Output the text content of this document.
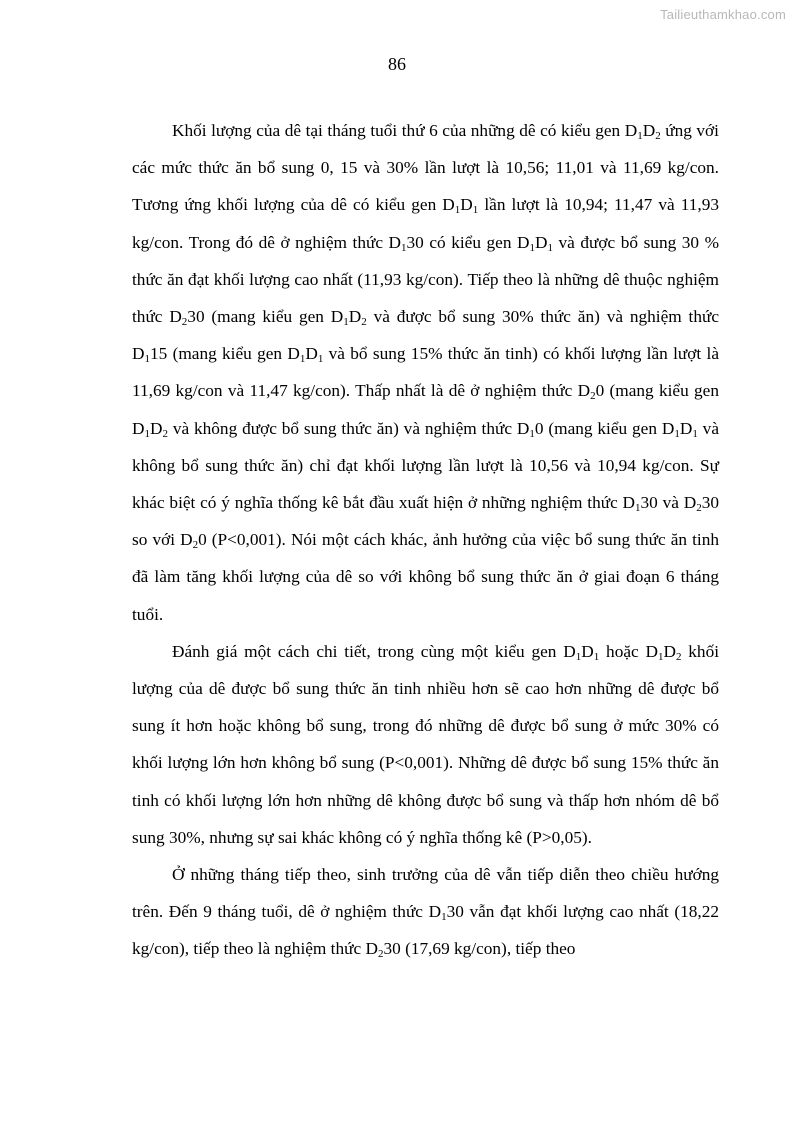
Tailieuthamkhao.com
86

Khối lượng của dê tại tháng tuổi thứ 6 của những dê có kiểu gen $D_1D_2$ ứng với các mức thức ăn bổ sung 0, 15 và 30% lần lượt là 10,56; 11,01 và 11,69 kg/con. Tương ứng khối lượng của dê có kiểu gen $D_1D_1$ lần lượt là 10,94; 11,47 và 11,93 kg/con. Trong đó dê ở nghiệm thức $D_130$ có kiểu gen $D_1D_1$ và được bổ sung 30 % thức ăn đạt khối lượng cao nhất (11,93 kg/con). Tiếp theo là những dê thuộc nghiệm thức $D_230$ (mang kiểu gen $D_1D_2$ và được bổ sung 30% thức ăn) và nghiệm thức $D_115$ (mang kiểu gen $D_1D_1$ và bổ sung 15% thức ăn tinh) có khối lượng lần lượt là 11,69 kg/con và 11,47 kg/con). Thấp nhất là dê ở nghiệm thức $D_20$ (mang kiểu gen $D_1D_2$ và không được bổ sung thức ăn) và nghiệm thức $D_10$ (mang kiểu gen $D_1D_1$ và không bổ sung thức ăn) chỉ đạt khối lượng lần lượt là 10,56 và 10,94 kg/con. Sự khác biệt có ý nghĩa thống kê bắt đầu xuất hiện ở những nghiệm thức $D_130$ và $D_230$ so với $D_20$ (P<0,001). Nói một cách khác, ảnh hưởng của việc bổ sung thức ăn tinh đã làm tăng khối lượng của dê so với không bổ sung thức ăn ở giai đoạn 6 tháng tuổi.

Đánh giá một cách chi tiết, trong cùng một kiểu gen $D_1D_1$ hoặc $D_1D_2$ khối lượng của dê được bổ sung thức ăn tinh nhiều hơn sẽ cao hơn những dê được bổ sung ít hơn hoặc không bổ sung, trong đó những dê được bổ sung ở mức 30% có khối lượng lớn hơn không bổ sung (P<0,001). Những dê được bổ sung 15% thức ăn tinh có khối lượng lớn hơn những dê không được bổ sung và thấp hơn nhóm dê bổ sung 30%, nhưng sự sai khác không có ý nghĩa thống kê (P>0,05).

Ở những tháng tiếp theo, sinh trưởng của dê vẫn tiếp diễn theo chiều hướng trên. Đến 9 tháng tuổi, dê ở nghiệm thức $D_130$ vẫn đạt khối lượng cao nhất (18,22 kg/con), tiếp theo là nghiệm thức $D_230$ (17,69 kg/con), tiếp theo
